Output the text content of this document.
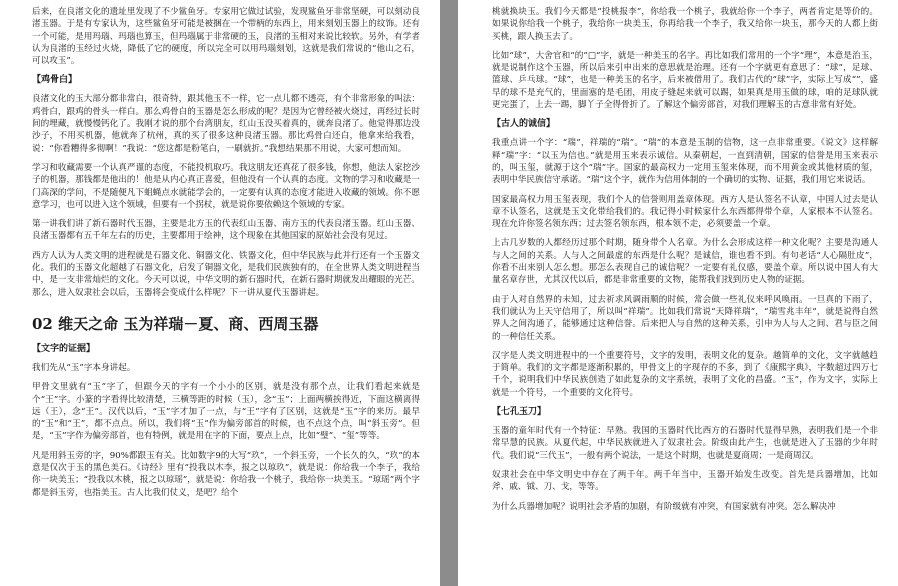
后来，在良渚文化的遗址里发现了不少鲨鱼牙。专家用它做过试验，发现鲨鱼牙非常坚硬，可以刻动良渚玉器。于是有专家认为，这些鲨鱼牙可能是被捆在一个带柄的东西上，用来刻划玉器上的纹饰。还有一个可能，是用玛瑙、玛瑙也算玉，但玛瑙属于非常硬的玉，良渚的玉相对来说比较软。另外，有学者认为良渚的玉经过火烧，降低了它的硬度，所以完全可以用玛瑙刻划，这就是我们常说的“他山之石，可以攻玉”。
【鸡骨白】
良渚文化的玉大部分都非常白，很奇特，跟其他玉不一样，它一点儿都不透亮，有个非常形象的叫法：鸡骨白，跟鸡的骨头一样白。那么鸡骨白的玉器是怎么形成的呢？是因为它曾经被火烧过，再经过长时间的埋藏，就慢慢钙化了。我刚才说的那个台湾朋友，红山玉没买着真的，就奔良渚了。他觉得那边没沙子，不用买机器，他就奔了杭州，真的买了很多这种良渚玉器。那比鸡骨白还白，他拿来给我看，说：“你看糟得多彻啊！”我说：“您这都是粉笔白，一刷就折。”我想结果那不用说，大家可想而知。
学习和收藏需要一个认真严谨的态度，不能投机取巧。我这朋友还真花了很多钱，你想，他法人家挖沙子的机器，那钱都是他出的！他是从内心真正喜爱，但他没有一个认真的态度。文物的学习和收藏是一门高深的学问，不是随便凡下蛆蝇点水就能学会的，一定要有认真的态度才能进入收藏的领域。你不愿意学习，也可以进入这个领域，但要有一个拐杖，就是说你要依赖这个领域的专家。
第一讲我们讲了新石器时代玉器，主要是北方玉的代表红山玉器、南方玉的代表良渚玉器。红山玉器、良渚玉器都有五千年左右的历史，主要都用于绘神，这个现象在其他国家的原始社会没有见过。
西方人认为人类文明的进程就是石器文化、铜器文化、铁器文化，但中华民族与此并行还有一个玉器文化。我们的玉器文化超越了石器文化，启发了铜器文化，是我们民族独有的，在全世界人类文明进程当中，是一支非常灿烂的文化。今天可以说，中华文明的新石器时代，在新石器时期就发出耀眼的光芒。那么，进入奴隶社会以后，玉器将会变成什么样呢？下一讲从夏代玉器讲起。
02 维天之命 玉为祥瑞－夏、商、西周玉器
【文字的证据】
我们先从“玉”字本身讲起。
甲骨文里就有“玉”字了，但跟今天的字有一个小小的区别，就是没有那个点，让我们看起来就是个“王”字。小篆的字看得比较清楚，三横等距的时候（玉），念“玉”；上面两横挨得近，下面这横离得远（王），念“王”。汉代以后，“玉”字才加了一点，与“王”字有了区别，这就是“玉”字的来历。最早的“玉”和“王”，都不点点。所以，我们将“玉”作为偏旁部首的时候，也不点这个点，叫“斜玉旁”。但是，“玉”字作为偏旁部首，也有特例，就是用在字的下面，要点上点，比如“璧”、“玺”等等。
凡是用斜玉旁的字，90%都跟玉有关。比如数字9的大写“玖”，一个斜玉旁，一个长久的久，“玖”的本意是仅次于玉的黑色美石。《诗经》里有“投我以木李，报之以琼玖”，就是说：你给我一个李子，我给你一块美玉；“投我以木桃，报之以琼瑶”，就是说：你给我一个桃子，我给你一块美玉。“琼瑶”两个字都是斜玉旁，也指美玉。古人比我们仗义，是吧？给个
桃就换块玉。我们今天都是“投桃报李”，你给我一个桃子，我就给你一个李子，两者肯定是等价的。如果说你给我一个桃子，我给你一块美玉，你再给我一个李子，我又给你一块玉，那今天的人都上街买桃，跟人换玉去了。
比如“球”，大舍官和“的”□“字，就是一种美玉的名字。再比如我们常用的一个字“理”，本意是治玉，就是说制作这个玉器，所以后来引申出来的意思就是治理。还有一个字就更有意思了：“球”，足球、篮球、乒乓球。“球”，也是一种美玉的名字，后来被借用了。我们古代的“球”字，实际上写成“”，盛早的球不是充气的，里面塞的是毛团，用皮子缝起来就可以踢，如果真是用玉做的球，咱的足球队就更完蛋了，上去一踢，脚丫子全得骨折了。了解这个偏旁部首，对我们理解玉的古意非常有好处。
【古人的诚信】
我重点讲一个字：“瑞”，祥瑞的“瑞”。“瑞”的本意是玉制的信物，这一点非常重要。《说文》这样解释“瑞”字：“以玉为信也。”就是用玉来表示诚信。从秦朝起，一直到清朝，国家的信誉是用玉来表示的，叫玉玺，就源于这个“瑞”字。国家的最高权力一定用玉玺来体现，而不用黄金或其他材质的玺，表明中华民族信守承诺。“瑞”这个字，就作为信用体制的一个确切的实物、证据，我们用它来说话。
国家最高权力用玉玺表现，我们个人的信誉则用盖章体现。西方人是认签名不认章，中国人过去是认章不认签名，这就是玉文化带给我们的。我记得小时候家什么东西都得带个章，人家根本不认签名。现在允许你签名领东西；过去签名领东西，根本领不走，必须要盖一个章。
上古几岁数的人都经历过那个时期，随身带个人名章。为什么会形成这样一种文化呢？主要是沟通人与人之间的关系。人与人之间最虚的东西是什么呢？是诚信，谁也看不到。有句老话“人心隔肚皮”，你看不出来别人怎么想。那怎么表现自己的诚信呢？一定要有礼仪感，要盖个章。所以说中国人有大量名章存世，尤其汉代以后，都是非常重要的文物，能帮我们找到历史人物的证据。
由于人对自然界的未知，过去祈求风调雨顺的时候，常会做一些礼仪来呼风唤雨。一旦真的下雨了，我们就认为上天守信用了，所以叫“祥瑞”。比如我们常说“天降祥瑞”，“瑞雪兆丰年”，就是说得自然界人之间沟通了，能够通过这种信誉。后来把人与自然的这种关系，引申为人与人之间、君与臣之间的一种信任关系。
汉字是人类文明进程中的一个重要符号，文字的发明，表明文化的复杂。越简单的文化，文字就越趋于简单。我们的文字都是逐渐积累的，甲骨文上的字现存的不多，到了《康熙字典》，字数超过四万七千个，说明我们中华民族创造了如此复杂的文字系统，表明了文化的昌盛。“玉”，作为文字，实际上就是一个符号，一个重要的文化符号。
【七孔玉刀】
玉器的童年时代有一个特征：早熟。我国的玉器时代比西方的石器时代显得早熟，表明我们是一个非常早慧的民族。从夏代起，中华民族就进入了奴隶社会。阶级由此产生，也就是进入了玉器的少年时代。我们说“三代玉”，一般有两个说法，一是这个时期，也就是夏商周；一是商周汉。
奴隶社会在中华文明史中存在了两千年。两千年当中，玉器开始发生改变。首先是兵器增加，比如斧、戚、钺、刀、戈，等等。
为什么兵器增加呢？说明社会矛盾的加剧，有阶级就有冲突，有国家就有冲突。怎么解决冲
